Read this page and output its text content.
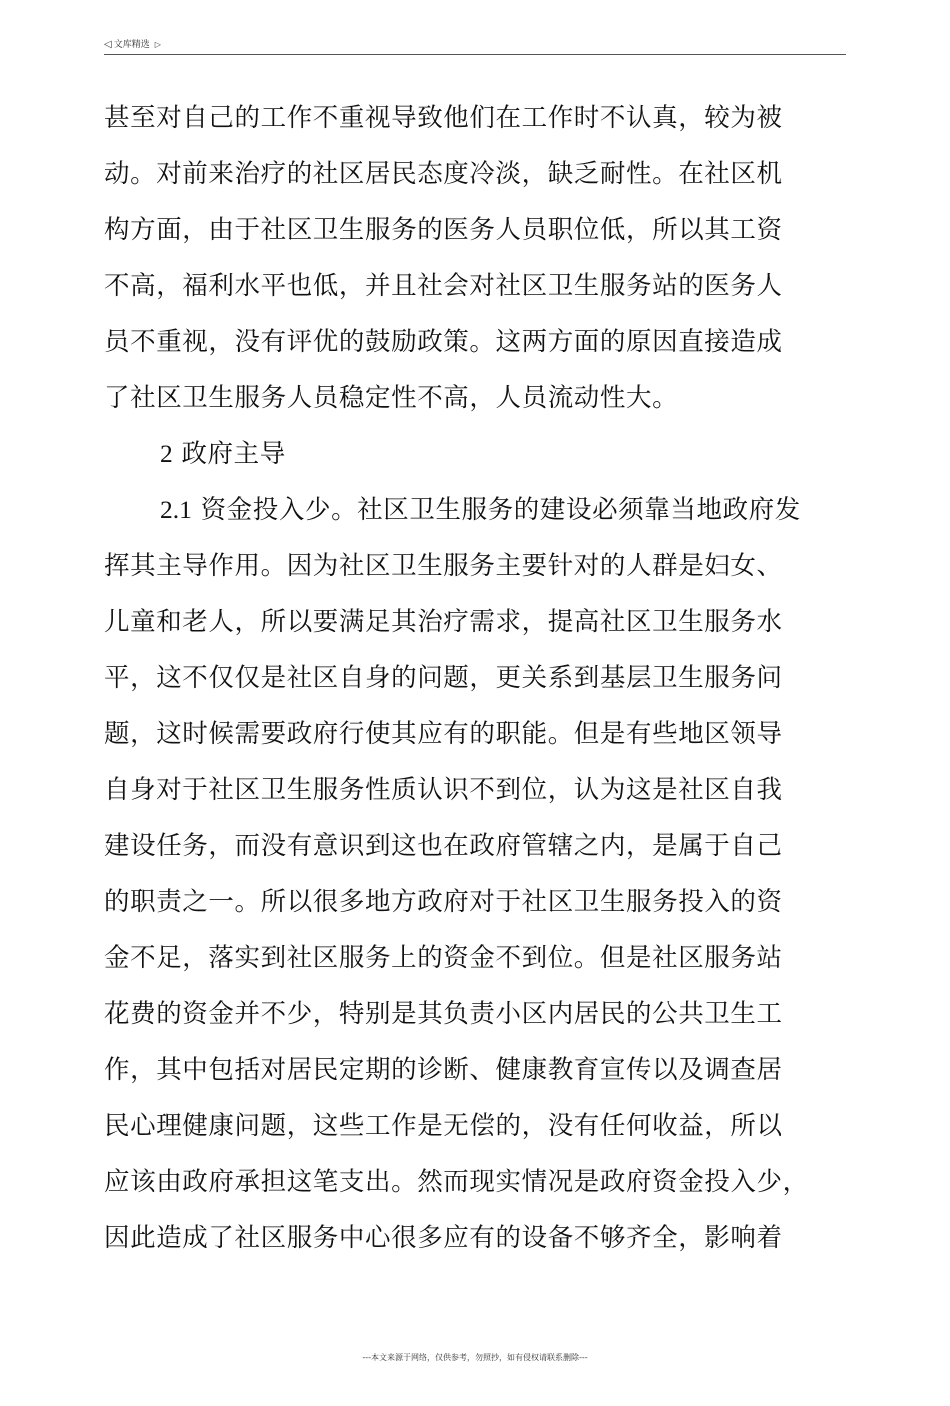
◁ 文库精选 ▷

甚至对自己的工作不重视导致他们在工作时不认真，较为被
动。对前来治疗的社区居民态度冷淡，缺乏耐性。在社区机
构方面，由于社区卫生服务的医务人员职位低，所以其工资
不高，福利水平也低，并且社会对社区卫生服务站的医务人
员不重视，没有评优的鼓励政策。这两方面的原因直接造成
了社区卫生服务人员稳定性不高，人员流动性大。

2 政府主导

2.1 资金投入少。社区卫生服务的建设必须靠当地政府发
挥其主导作用。因为社区卫生服务主要针对的人群是妇女、
儿童和老人，所以要满足其治疗需求，提高社区卫生服务水
平，这不仅仅是社区自身的问题，更关系到基层卫生服务问
题，这时候需要政府行使其应有的职能。但是有些地区领导
自身对于社区卫生服务性质认识不到位，认为这是社区自我
建设任务，而没有意识到这也在政府管辖之内，是属于自己
的职责之一。所以很多地方政府对于社区卫生服务投入的资
金不足，落实到社区服务上的资金不到位。但是社区服务站
花费的资金并不少，特别是其负责小区内居民的公共卫生工
作，其中包括对居民定期的诊断、健康教育宣传以及调查居
民心理健康问题，这些工作是无偿的，没有任何收益，所以
应该由政府承担这笔支出。然而现实情况是政府资金投入少，
因此造成了社区服务中心很多应有的设备不够齐全，影响着

---本文来源于网络，仅供参考，勿照抄，如有侵权请联系删除---
